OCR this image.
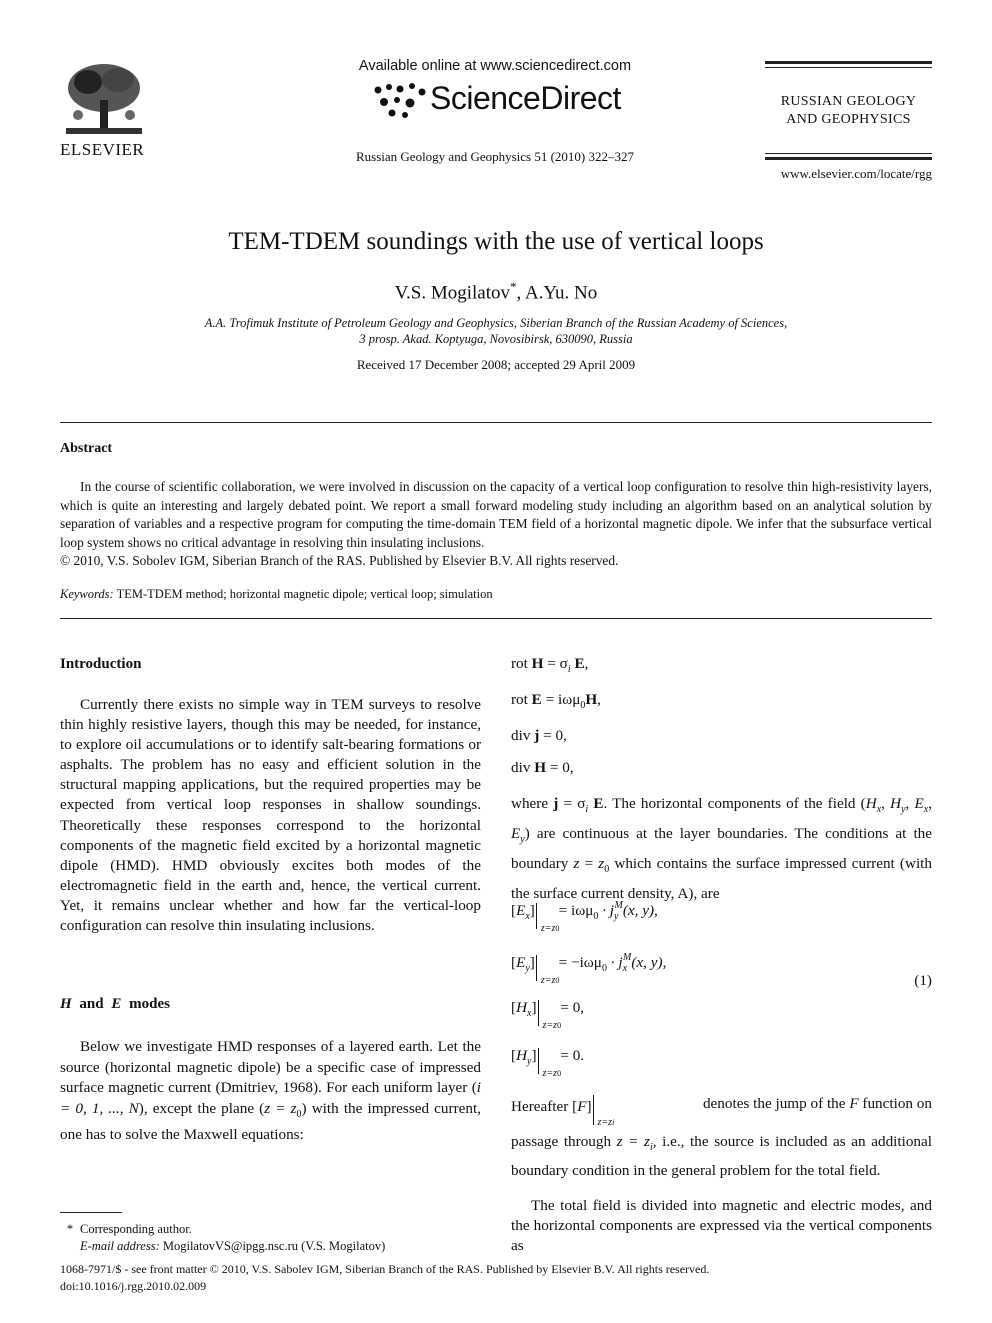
ELSEVIER
Available online at www.sciencedirect.com
ScienceDirect
Russian Geology and Geophysics 51 (2010) 322–327
RUSSIAN GEOLOGY
AND GEOPHYSICS
www.elsevier.com/locate/rgg
TEM-TDEM soundings with the use of vertical loops
V.S. Mogilatov*, A.Yu. No
A.A. Trofimuk Institute of Petroleum Geology and Geophysics, Siberian Branch of the Russian Academy of Sciences,
3 prosp. Akad. Koptyuga, Novosibirsk, 630090, Russia
Received 17 December 2008; accepted 29 April 2009
Abstract
In the course of scientific collaboration, we were involved in discussion on the capacity of a vertical loop configuration to resolve thin high-resistivity layers, which is quite an interesting and largely debated point. We report a small forward modeling study including an algorithm based on an analytical solution by separation of variables and a respective program for computing the time-domain TEM field of a horizontal magnetic dipole. We infer that the subsurface vertical loop system shows no critical advantage in resolving thin insulating inclusions.
© 2010, V.S. Sobolev IGM, Siberian Branch of the RAS. Published by Elsevier B.V. All rights reserved.
Keywords: TEM-TDEM method; horizontal magnetic dipole; vertical loop; simulation
Introduction
Currently there exists no simple way in TEM surveys to resolve thin highly resistive layers, though this may be needed, for instance, to explore oil accumulations or to identify salt-bearing formations or asphalts. The problem has no easy and efficient solution in the structural mapping applications, but the required properties may be expected from vertical loop responses in shallow soundings. Theoretically these responses correspond to the horizontal components of the magnetic field excited by a horizontal magnetic dipole (HMD). HMD obviously excites both modes of the electromagnetic field in the earth and, hence, the vertical current. Yet, it remains unclear whether and how far the vertical-loop configuration can resolve thin insulating inclusions.
H and E modes
Below we investigate HMD responses of a layered earth. Let the source (horizontal magnetic dipole) be a specific case of impressed surface magnetic current (Dmitriev, 1968). For each uniform layer (i = 0, 1, ..., N), except the plane $(z = z_0)$ with the impressed current, one has to solve the Maxwell equations:
* Corresponding author.
E-mail address: MogilatovVS@ipgg.nsc.ru (V.S. Mogilatov)
1068-7971/$ - see front matter © 2010, V.S. Sabolev IGM, Siberian Branch of the RAS. Published by Elsevier B.V. All rights reserved.
doi:10.1016/j.rgg.2010.02.009
rot $H = \sigma_i$ E,
rot E = iωμ$_0$H,
div j = 0,
div H = 0,
where $j = \sigma_i$ E. The horizontal components of the field ($H_x$, $H_y$, $E_x$, $E_y$) are continuous at the layer boundaries. The conditions at the boundary $z = z_0$ which contains the surface impressed current (with the surface current density, A), are
$[E_x]$
z=z0
= $i\omega\mu_0 \cdot j_y^M(x$, y),
$[E_y]$
z=z0
= $-i\omega\mu_0 \cdot j_x^M(x$, y),
$[H_x]$
z=z0
= 0,
$[H_y]$
z=z0
= 0.
(1)
Hereafter [F]
z=zi
denotes the jump of the F function on
passage through $z = z_i$, i.e., the source is included as an additional boundary condition in the general problem for the total field.
The total field is divided into magnetic and electric modes, and the horizontal components are expressed via the vertical components as
